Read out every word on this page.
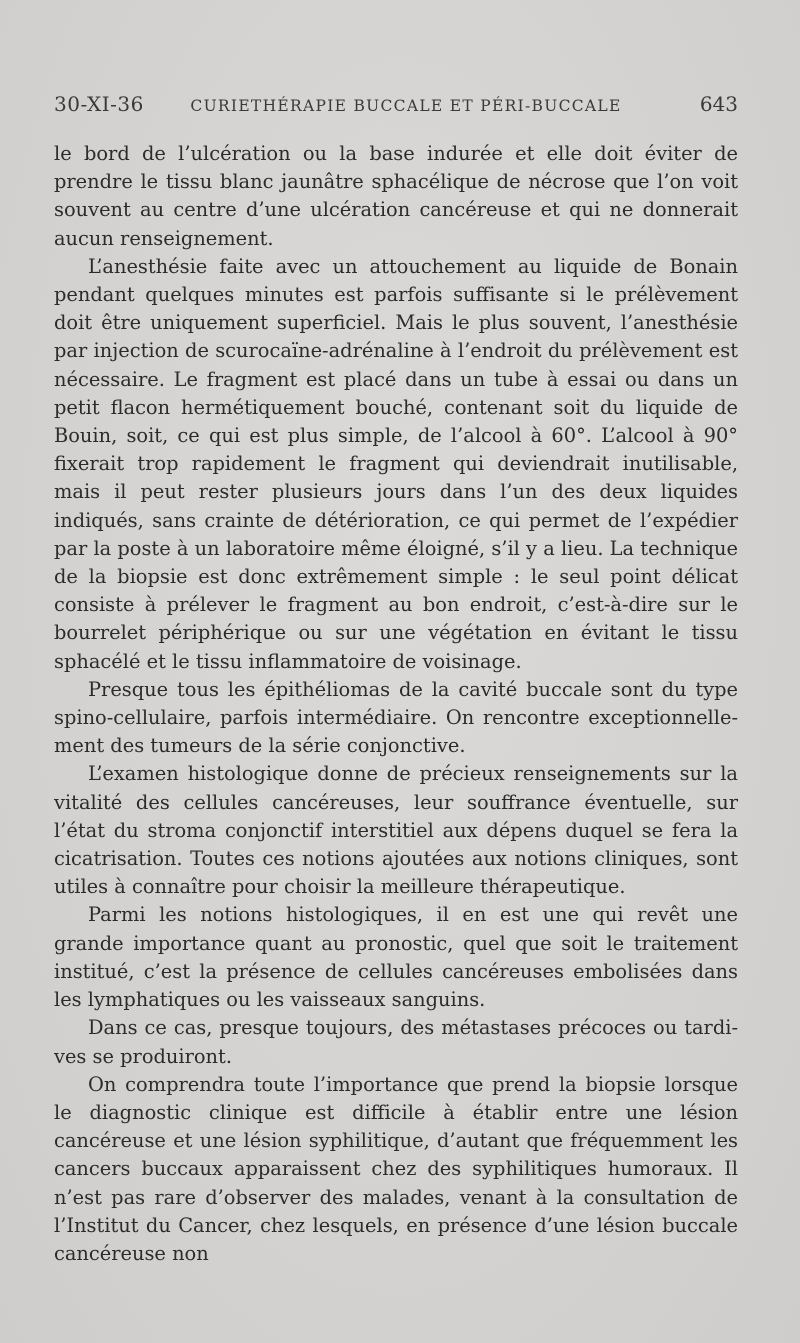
30-XI-36	CURIETHÉRAPIE BUCCALE ET PÉRI-BUCCALE	643

le bord de l’ulcération ou la base indurée et elle doit éviter de prendre le tissu blanc jaunâtre sphacélique de nécrose que l’on voit souvent au centre d’une ulcération cancéreuse et qui ne donnerait aucun renseignement.

L’anesthésie faite avec un attouchement au liquide de Bonain pendant quelques minutes est parfois suffisante si le prélèvement doit être uniquement superficiel. Mais le plus souvent, l’anesthésie par injection de scurocaïne-adrénaline à l’endroit du prélèvement est nécessaire. Le fragment est placé dans un tube à essai ou dans un petit flacon hermétiquement bouché, contenant soit du liquide de Bouin, soit, ce qui est plus simple, de l’alcool à 60°. L’alcool à 90° fixerait trop rapidement le fragment qui deviendrait inutilisable, mais il peut rester plusieurs jours dans l’un des deux liquides indiqués, sans crainte de détérioration, ce qui permet de l’expédier par la poste à un laboratoire même éloigné, s’il y a lieu. La technique de la biopsie est donc extrêmement simple : le seul point délicat consiste à prélever le fragment au bon endroit, c’est-à-dire sur le bourrelet périphérique ou sur une végétation en évitant le tissu sphacélé et le tissu inflammatoire de voisinage.

Presque tous les épithéliomas de la cavité buccale sont du type spino-cellulaire, parfois intermédiaire. On rencontre exceptionnellement des tumeurs de la série conjonctive.

L’examen histologique donne de précieux renseignements sur la vitalité des cellules cancéreuses, leur souffrance éventuelle, sur l’état du stroma conjonctif interstitiel aux dépens duquel se fera la cicatrisation. Toutes ces notions ajoutées aux notions cliniques, sont utiles à connaître pour choisir la meilleure thérapeutique.

Parmi les notions histologiques, il en est une qui revêt une grande importance quant au pronostic, quel que soit le traitement institué, c’est la présence de cellules cancéreuses embolisées dans les lymphatiques ou les vaisseaux sanguins.

Dans ce cas, presque toujours, des métastases précoces ou tardives se produiront.

On comprendra toute l’importance que prend la biopsie lorsque le diagnostic clinique est difficile à établir entre une lésion cancéreuse et une lésion syphilitique, d’autant que fréquemment les cancers buccaux apparaissent chez des syphilitiques humoraux. Il n’est pas rare d’observer des malades, venant à la consultation de l’Institut du Cancer, chez lesquels, en présence d’une lésion buccale cancéreuse non
